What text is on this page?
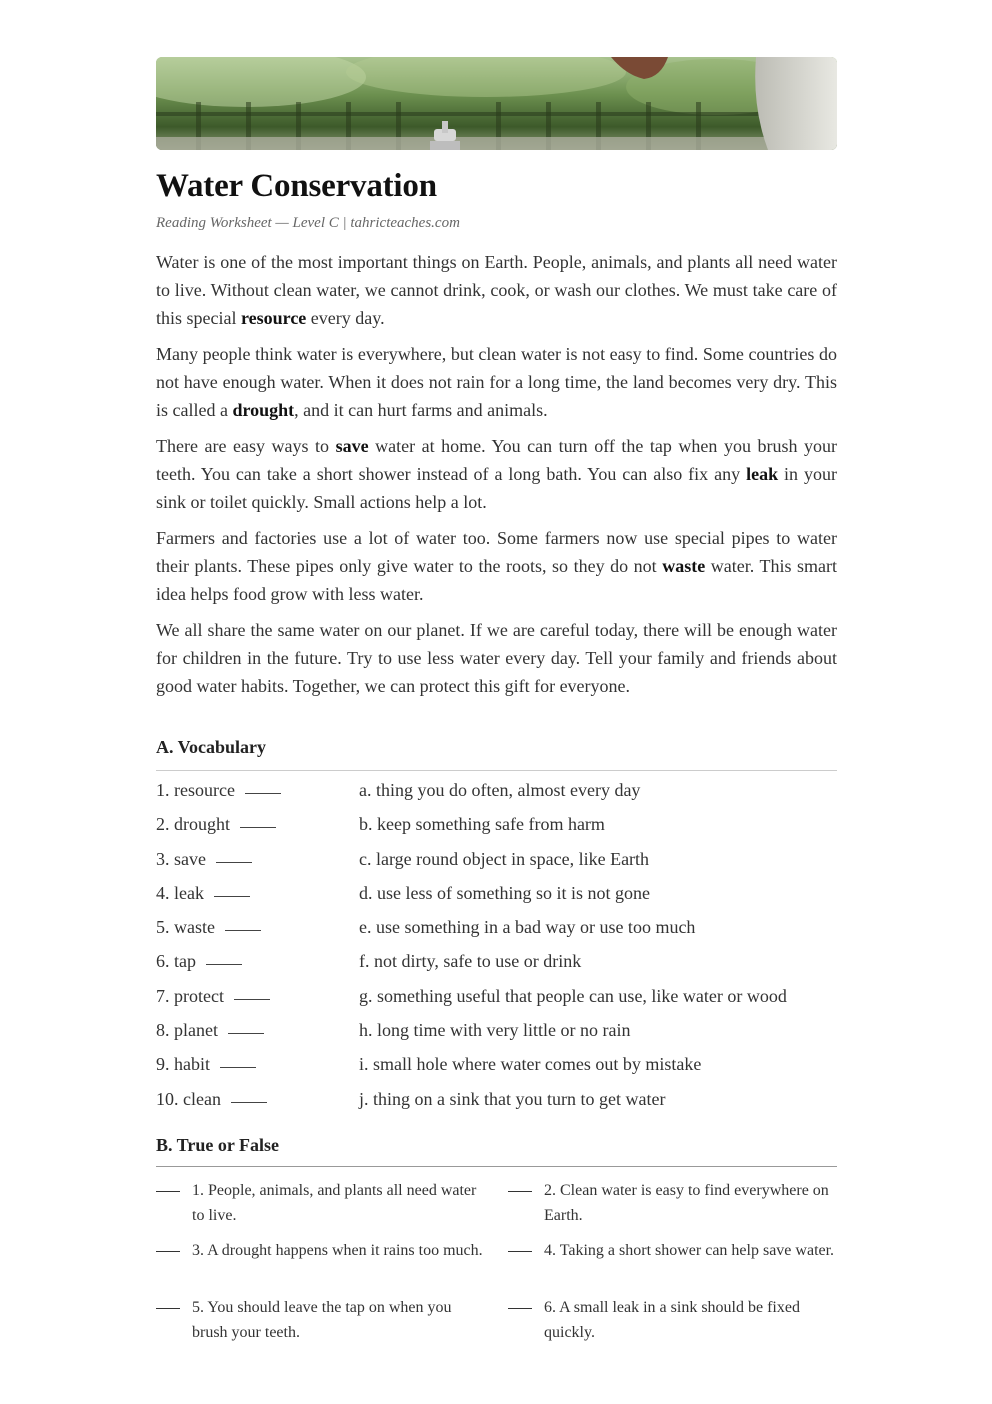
Water Conservation

Reading Worksheet — Level C | tahricteaches.com

Water is one of the most important things on Earth. People, animals, and plants all need water to live. Without clean water, we cannot drink, cook, or wash our clothes. We must take care of this special resource every day.

Many people think water is everywhere, but clean water is not easy to find. Some countries do not have enough water. When it does not rain for a long time, the land becomes very dry. This is called a drought, and it can hurt farms and animals.

There are easy ways to save water at home. You can turn off the tap when you brush your teeth. You can take a short shower instead of a long bath. You can also fix any leak in your sink or toilet quickly. Small actions help a lot.

Farmers and factories use a lot of water too. Some farmers now use special pipes to water their plants. These pipes only give water to the roots, so they do not waste water. This smart idea helps food grow with less water.

We all share the same water on our planet. If we are careful today, there will be enough water for children in the future. Try to use less water every day. Tell your family and friends about good water habits. Together, we can protect this gift for everyone.

A. Vocabulary
1. resource	a. thing you do often, almost every day
2. drought	b. keep something safe from harm
3. save	c. large round object in space, like Earth
4. leak	d. use less of something so it is not gone
5. waste	e. use something in a bad way or use too much
6. tap	f. not dirty, safe to use or drink
7. protect	g. something useful that people can use, like water or wood
8. planet	h. long time with very little or no rain
9. habit	i. small hole where water comes out by mistake
10. clean	j. thing on a sink that you turn to get water
B. True or False
1. People, animals, and plants all need water to live.
2. Clean water is easy to find everywhere on Earth.
3. A drought happens when it rains too much.	4. Taking a short shower can help save water.
5. You should leave the tap on when you brush your teeth.
6. A small leak in a sink should be fixed quickly.
